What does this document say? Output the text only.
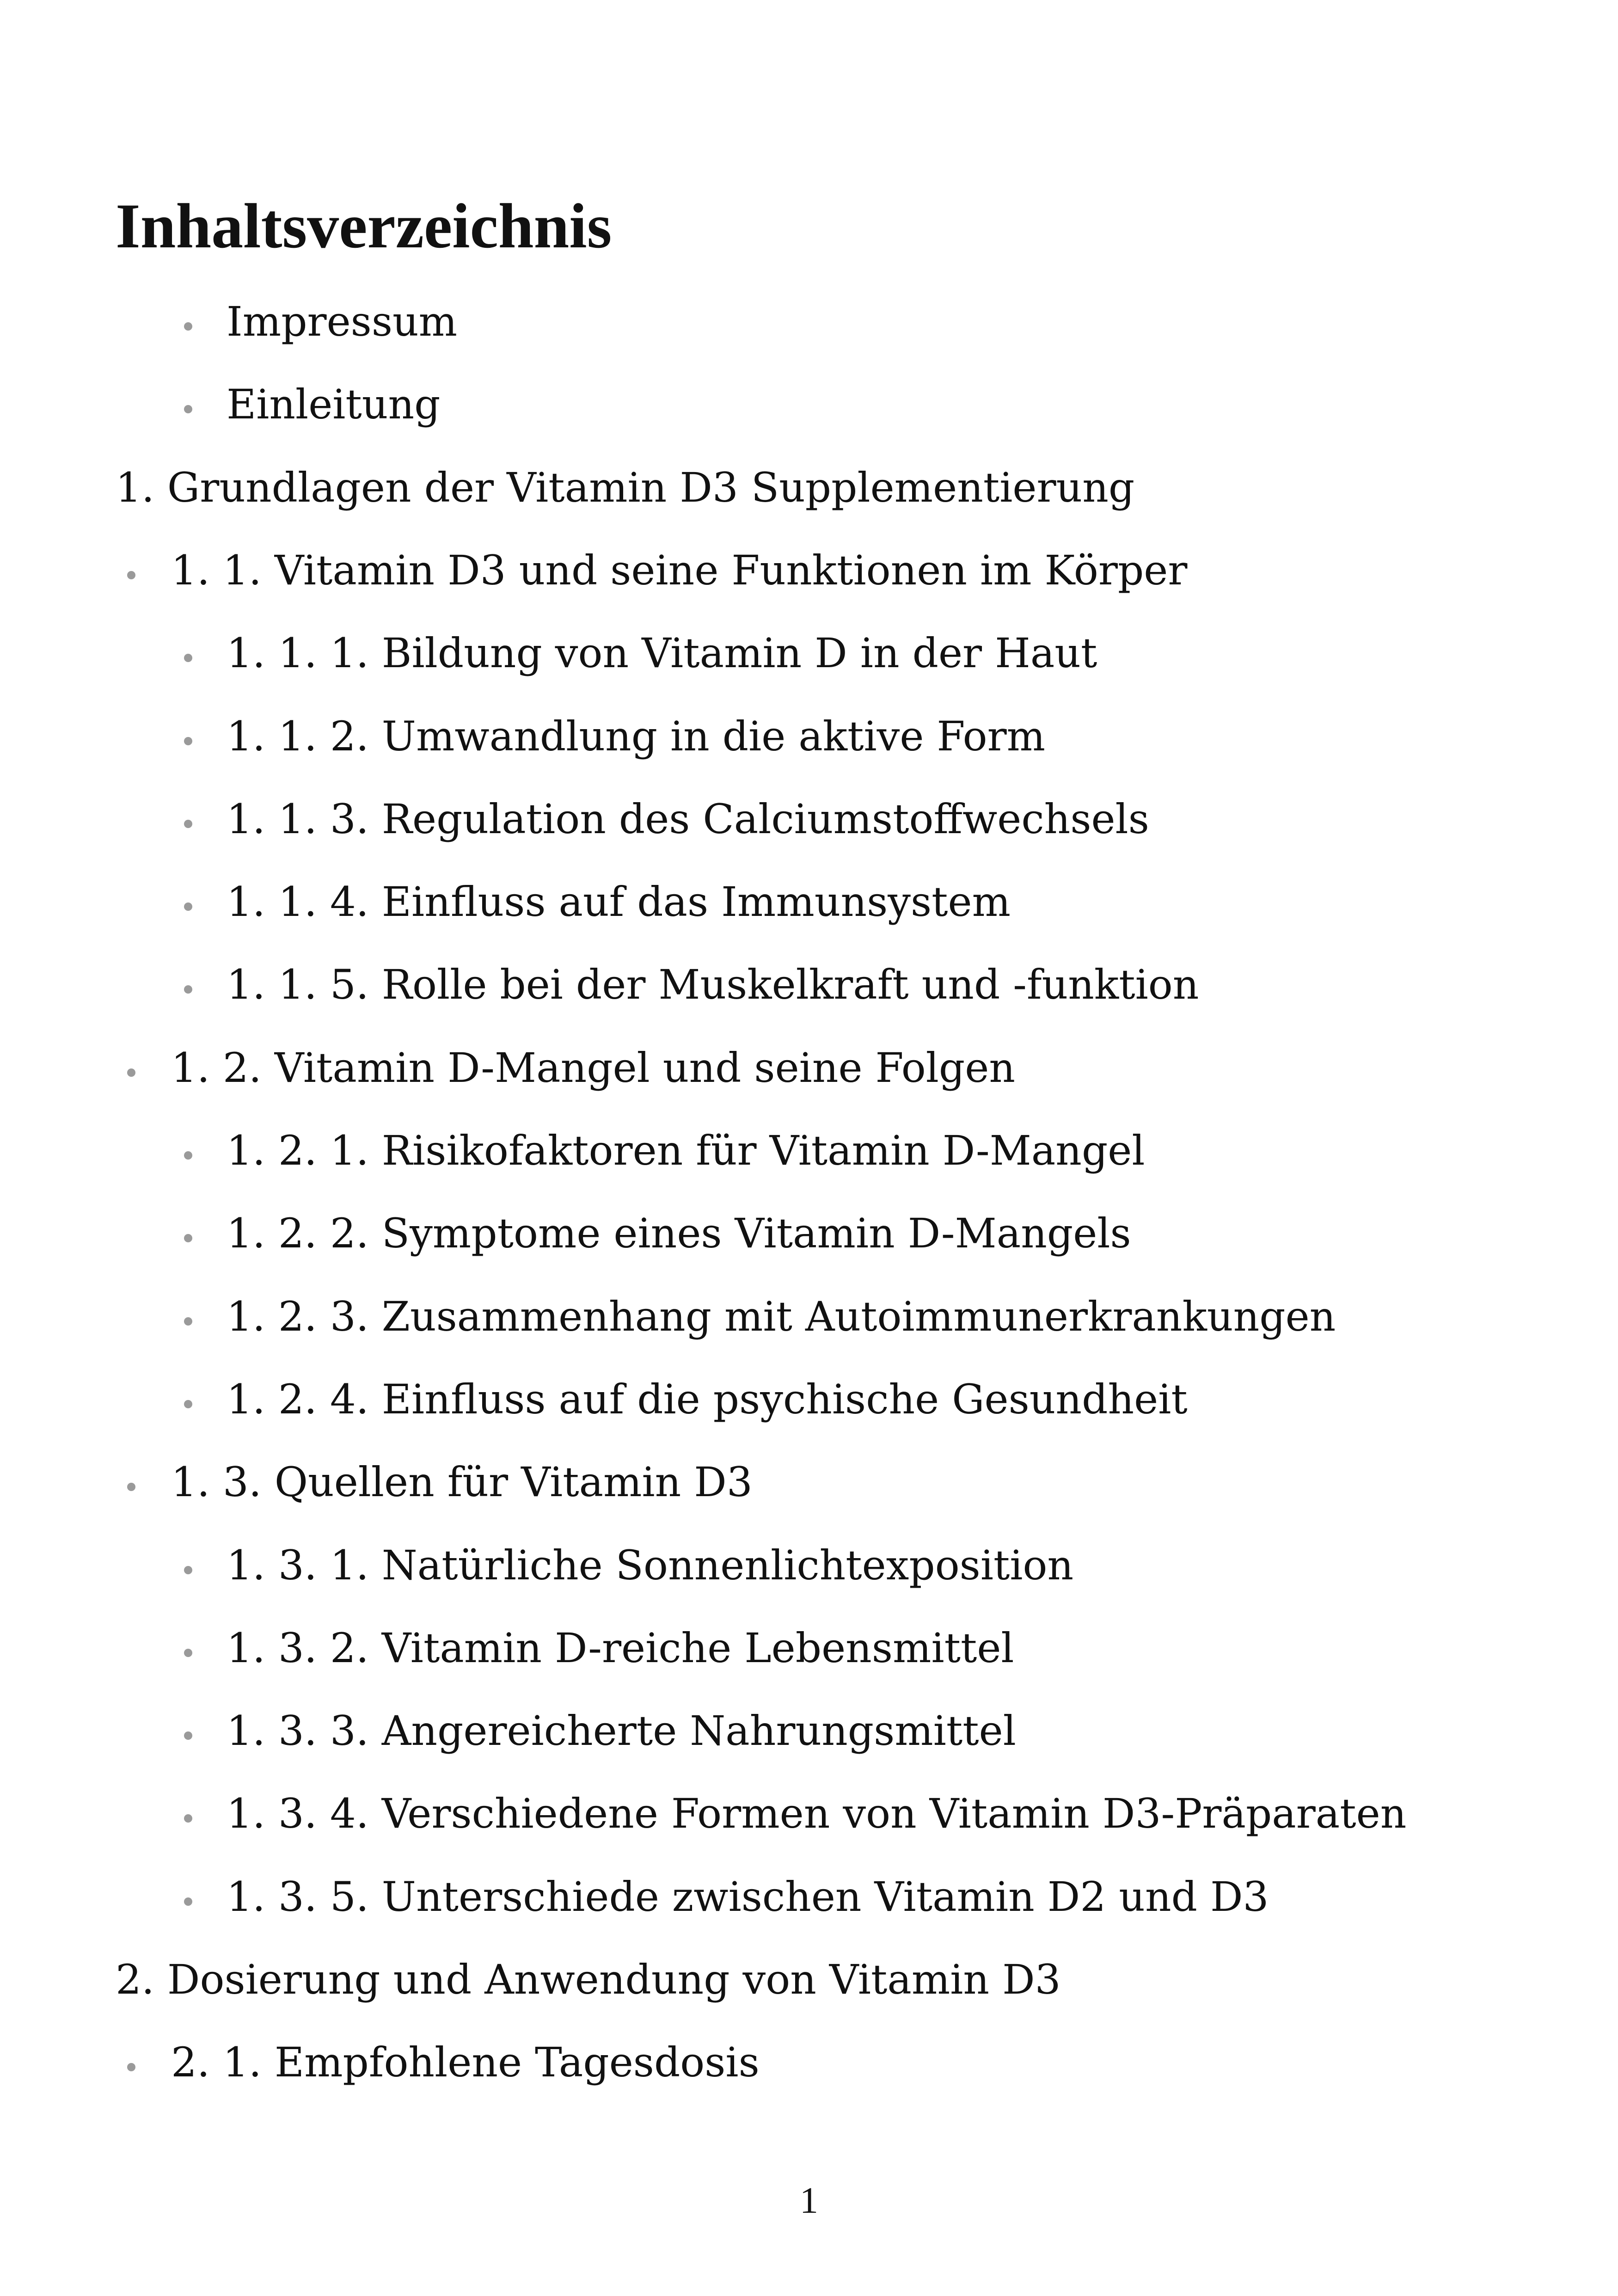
Inhaltsverzeichnis
Impressum
Einleitung
1. Grundlagen der Vitamin D3 Supplementierung
1. 1. Vitamin D3 und seine Funktionen im Körper
1. 1. 1. Bildung von Vitamin D in der Haut
1. 1. 2. Umwandlung in die aktive Form
1. 1. 3. Regulation des Calciumstoffwechsels
1. 1. 4. Einfluss auf das Immunsystem
1. 1. 5. Rolle bei der Muskelkraft und -funktion
1. 2. Vitamin D-Mangel und seine Folgen
1. 2. 1. Risikofaktoren für Vitamin D-Mangel
1. 2. 2. Symptome eines Vitamin D-Mangels
1. 2. 3. Zusammenhang mit Autoimmunerkrankungen
1. 2. 4. Einfluss auf die psychische Gesundheit
1. 3. Quellen für Vitamin D3
1. 3. 1. Natürliche Sonnenlichtexposition
1. 3. 2. Vitamin D-reiche Lebensmittel
1. 3. 3. Angereicherte Nahrungsmittel
1. 3. 4. Verschiedene Formen von Vitamin D3-Präparaten
1. 3. 5. Unterschiede zwischen Vitamin D2 und D3
2. Dosierung und Anwendung von Vitamin D3
2. 1. Empfohlene Tagesdosis
1
